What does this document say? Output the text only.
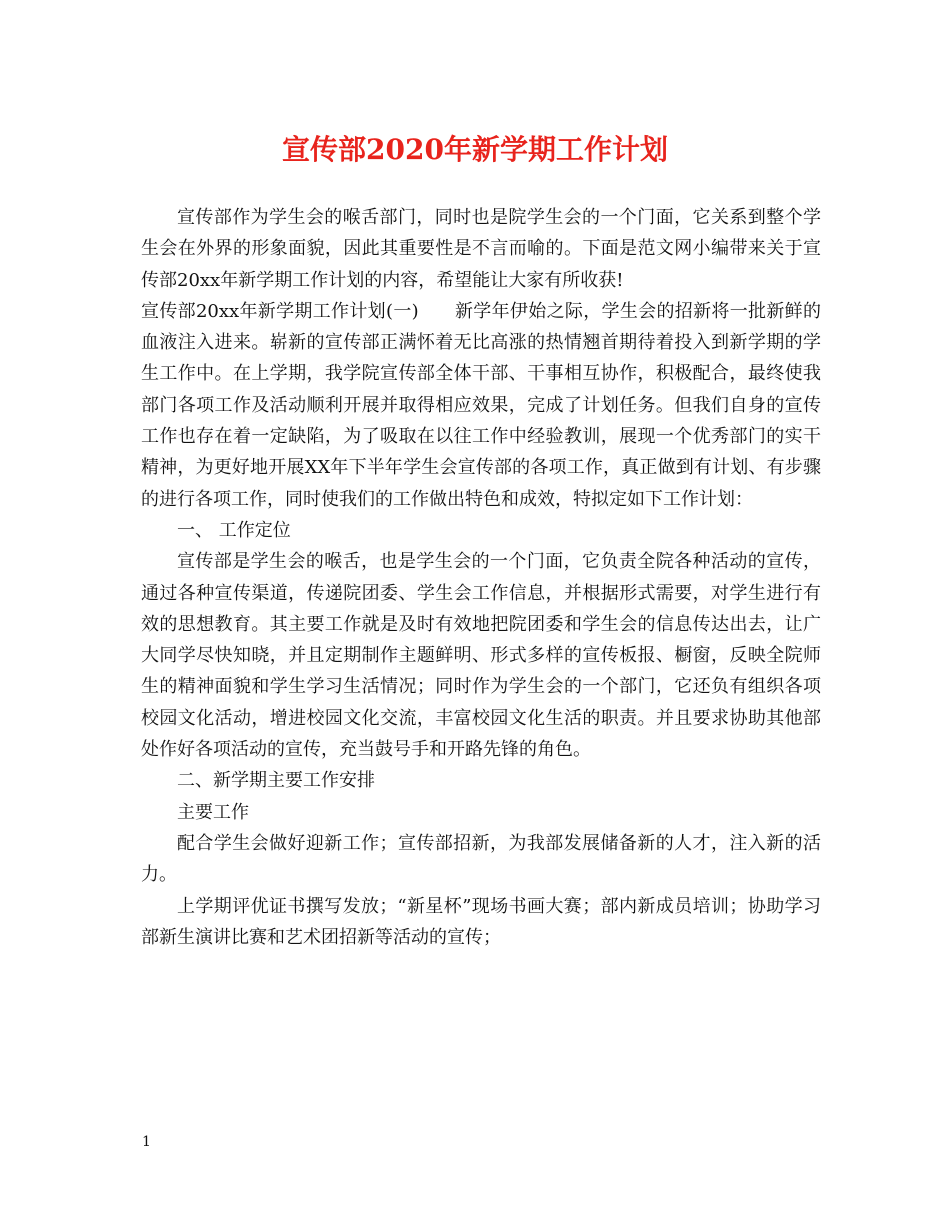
宣传部2020年新学期工作计划

宣传部作为学生会的喉舌部门，同时也是院学生会的一个门面，它关系到整个学生会在外界的形象面貌，因此其重要性是不言而喻的。下面是范文网小编带来关于宣传部20xx年新学期工作计划的内容，希望能让大家有所收获!

宣传部20xx年新学期工作计划(一) 新学年伊始之际，学生会的招新将一批新鲜的血液注入进来。崭新的宣传部正满怀着无比高涨的热情翘首期待着投入到新学期的学生工作中。在上学期，我学院宣传部全体干部、干事相互协作，积极配合，最终使我部门各项工作及活动顺利开展并取得相应效果，完成了计划任务。但我们自身的宣传工作也存在着一定缺陷，为了吸取在以往工作中经验教训，展现一个优秀部门的实干精神，为更好地开展XX年下半年学生会宣传部的各项工作，真正做到有计划、有步骤的进行各项工作，同时使我们的工作做出特色和成效，特拟定如下工作计划：

一、 工作定位

宣传部是学生会的喉舌，也是学生会的一个门面，它负责全院各种活动的宣传，通过各种宣传渠道，传递院团委、学生会工作信息，并根据形式需要，对学生进行有效的思想教育。其主要工作就是及时有效地把院团委和学生会的信息传达出去，让广大同学尽快知晓，并且定期制作主题鲜明、形式多样的宣传板报、橱窗，反映全院师生的精神面貌和学生学习生活情况；同时作为学生会的一个部门，它还负有组织各项校园文化活动，增进校园文化交流，丰富校园文化生活的职责。并且要求协助其他部处作好各项活动的宣传，充当鼓号手和开路先锋的角色。

二、新学期主要工作安排

主要工作

配合学生会做好迎新工作；宣传部招新，为我部发展储备新的人才，注入新的活力。

上学期评优证书撰写发放；“新星杯”现场书画大赛；部内新成员培训；协助学习部新生演讲比赛和艺术团招新等活动的宣传；

1
